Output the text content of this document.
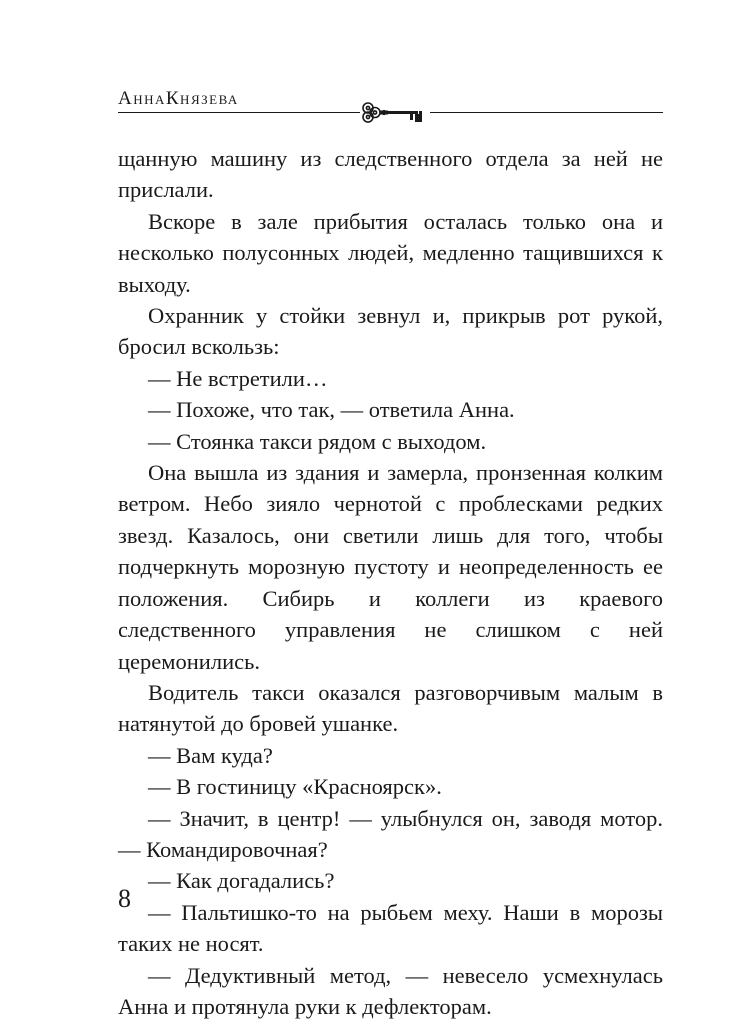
АннаКнязева

щанную машину из следственного отдела за ней не прислали.

Вскоре в зале прибытия осталась только она и несколько полусонных людей, медленно тащившихся к выходу.

Охранник у стойки зевнул и, прикрыв рот рукой, бросил вскользь:

— Не встретили…

— Похоже, что так, — ответила Анна.

— Стоянка такси рядом с выходом.

Она вышла из здания и замерла, пронзенная колким ветром. Небо зияло чернотой с проблесками редких звезд. Казалось, они светили лишь для того, чтобы подчеркнуть морозную пустоту и неопределенность ее положения. Сибирь и коллеги из краевого следственного управления не слишком с ней церемонились.

Водитель такси оказался разговорчивым малым в натянутой до бровей ушанке.

— Вам куда?

— В гостиницу «Красноярск».

— Значит, в центр! — улыбнулся он, заводя мотор. — Командировочная?

— Как догадались?

— Пальтишко-то на рыбьем меху. Наши в морозы таких не носят.

— Дедуктивный метод, — невесело усмехнулась Анна и протянула руки к дефлекторам.

8
